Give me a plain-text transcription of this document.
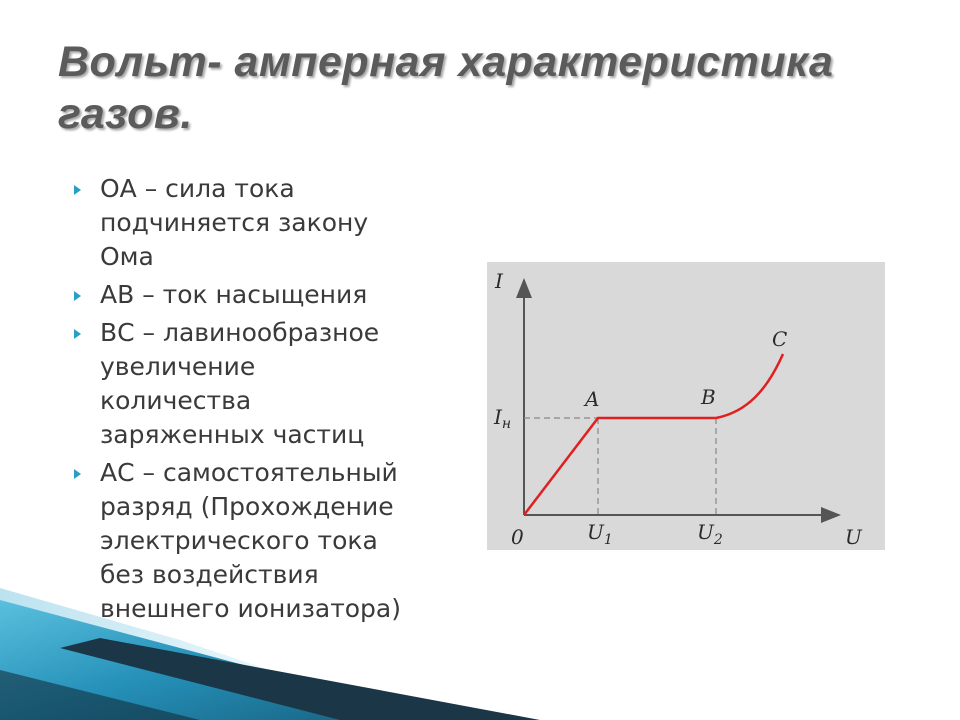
Вольт- амперная характеристика
газов.
ОА – сила тока
подчиняется закону
Ома
АВ – ток насыщения
ВС – лавинообразное
увеличение
количества
заряженных частиц
АС – самостоятельный
разряд (Прохождение
электрического тока
без воздействия
внешнего ионизатора)
I
U
0
A	B
C
$I_н$
$U_1$	$U_2$
